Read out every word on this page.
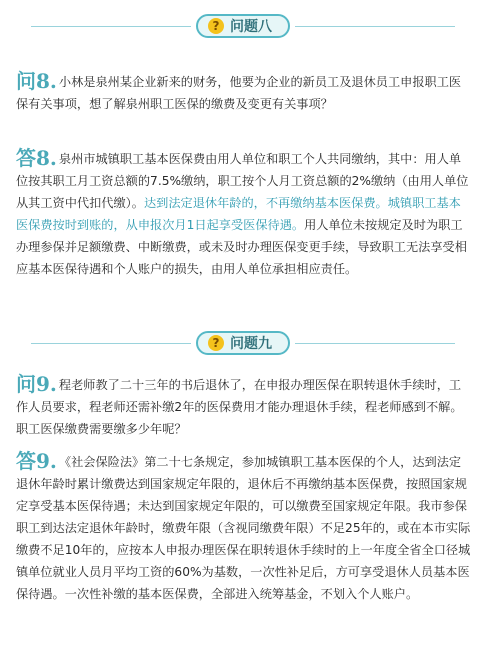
? 问题八
问8. 小林是泉州某企业新来的财务，他要为企业的新员工及退休员工申报职工医保有关事项，想了解泉州职工医保的缴费及变更有关事项？
答8. 泉州市城镇职工基本医保费由用人单位和职工个人共同缴纳，其中：用人单位按其职工月工资总额的7.5%缴纳，职工按个人月工资总额的2%缴纳（由用人单位从其工资中代扣代缴）。达到法定退休年龄的，不再缴纳基本医保费。城镇职工基本医保费按时到账的，从申报次月1日起享受医保待遇。用人单位未按规定及时为职工办理参保并足额缴费、中断缴费，或未及时办理医保变更手续，导致职工无法享受相应基本医保待遇和个人账户的损失，由用人单位承担相应责任。
? 问题九
问9. 程老师教了二十三年的书后退休了，在申报办理医保在职转退休手续时，工作人员要求，程老师还需补缴2年的医保费用才能办理退休手续，程老师感到不解。职工医保缴费需要缴多少年呢？
答9. 《社会保险法》第二十七条规定，参加城镇职工基本医保的个人，达到法定退休年龄时累计缴费达到国家规定年限的，退休后不再缴纳基本医保费，按照国家规定享受基本医保待遇；未达到国家规定年限的，可以缴费至国家规定年限。我市参保职工到达法定退休年龄时，缴费年限（含视同缴费年限）不足25年的，或在本市实际缴费不足10年的，应按本人申报办理医保在职转退休手续时的上一年度全省全口径城镇单位就业人员月平均工资的60%为基数，一次性补足后，方可享受退休人员基本医保待遇。一次性补缴的基本医保费，全部进入统筹基金，不划入个人账户。
